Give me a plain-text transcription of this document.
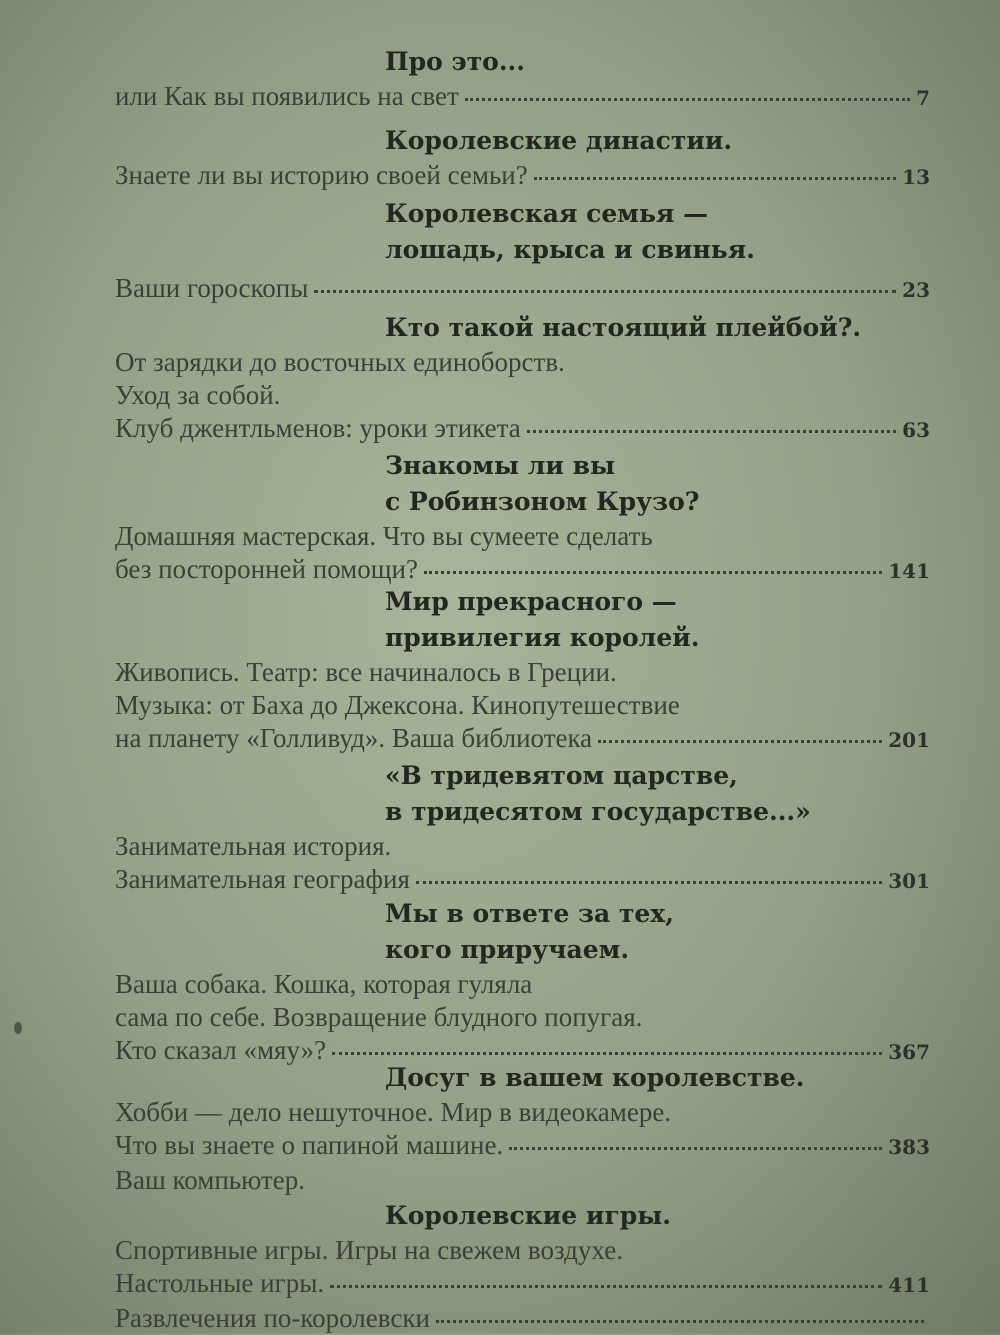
Про это...
или Как вы появились на свет	7
Королевские династии.
Знаете ли вы историю своей семьи?	13
Королевская семья —
лошадь, крыса и свинья.
Ваши гороскопы	23
Кто такой настоящий плейбой?.
От зарядки до восточных единоборств.
Уход за собой.
Клуб джентльменов: уроки этикета	63
Знакомы ли вы
с Робинзоном Крузо?
Домашняя мастерская. Что вы сумеете сделать
без посторонней помощи?	141
Мир прекрасного —
привилегия королей.
Живопись. Театр: все начиналось в Греции.
Музыка: от Баха до Джексона. Кинопутешествие
на планету «Голливуд». Ваша библиотека	201
«В тридевятом царстве,
в тридесятом государстве...»
Занимательная история.
Занимательная география	301
Мы в ответе за тех,
кого приручаем.
Ваша собака. Кошка, которая гуляла
сама по себе. Возвращение блудного попугая.
Кто сказал «мяу»?	367
Досуг в вашем королевстве.
Хобби — дело нешуточное. Мир в видеокамере.
Что вы знаете о папиной машине.	383
Ваш компьютер.
Королевские игры.
Спортивные игры. Игры на свежем воздухе.
Настольные игры.	411
Развлечения по-королевски
